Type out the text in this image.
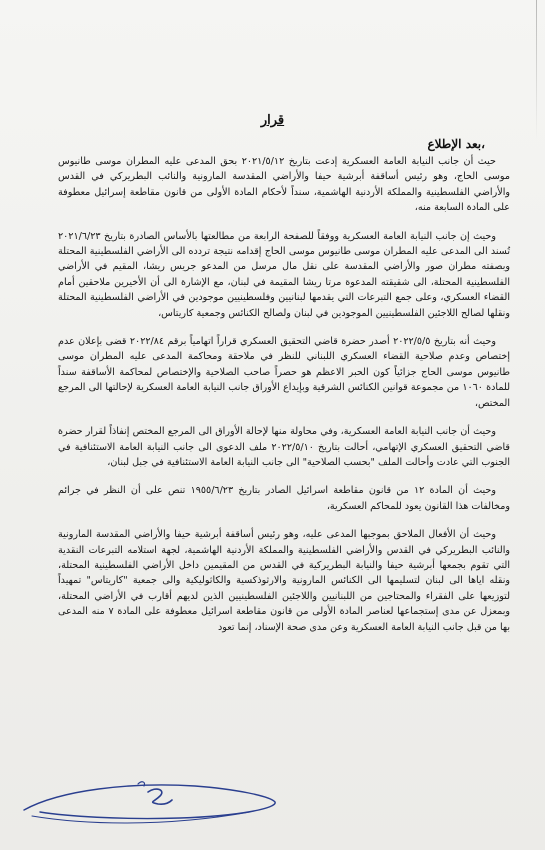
قرار
بعد الإطلاع،

حيث أن جانب النيابة العامة العسكرية إدعت بتاريخ ٢٠٢١/٥/١٢ بحق المدعى عليه المطران موسى طانيوس موسى الحاج، وهو رئيس أساقفة أبرشية حيفا والأراضي المقدسة المارونية والنائب البطريركي في القدس والأراضي الفلسطينية والمملكة الأردنية الهاشمية، سنداً لأحكام المادة الأولى من قانون مقاطعة إسرائيل معطوفة على المادة السابعة منه،

وحيث إن جانب النيابة العامة العسكرية ووفقاً للصفحة الرابعة من مطالعتها بالأساس الصادرة بتاريخ ٢٠٢١/٦/٢٣ تُسند الى المدعى عليه المطران موسى طانيوس موسى الحاج إقدامه نتيجة تردده الى الأراضي الفلسطينية المحتلة وبصفته مطران صور والأراضي المقدسة على نقل مال مرسل من المدعو جريس ريشا، المقيم في الأراضي الفلسطينية المحتلة، الى شقيقته المدعوة مرتا ريشا المقيمة في لبنان، مع الإشارة الى أن الأخيرين ملاحقين أمام القضاء العسكري، وعلى جمع التبرعات التي يقدمها لبنانيين وفلسطينيين موجودين في الأراضي الفلسطينية المحتلة ونقلها لصالح اللاجئين الفلسطينيين الموجودين في لبنان ولصالح الكنائس وجمعية كاريتاس،

وحيث أنه بتاريخ ٢٠٢٢/٥/٥ أصدر حضرة قاضي التحقيق العسكري قراراً اتهامياً برقم ٢٠٢٢/٨٤ قضى بإعلان عدم إختصاص وعدم صلاحية القضاء العسكري اللبناني للنظر في ملاحقة ومحاكمة المدعى عليه المطران موسى طانيوس موسى الحاج جزائياً كون الحبر الاعظم هو حصراً صاحب الصلاحية والإختصاص لمحاكمة الأساقفة سنداً للمادة ١٠٦٠ من مجموعة قوانين الكنائس الشرقية وبإيداع الأوراق جانب النيابة العامة العسكرية لإحالتها الى المرجع المختص،

وحيث أن جانب النيابة العامة العسكرية، وفي محاولة منها لإحالة الأوراق الى المرجع المختص إنفاذاً لقرار حضرة قاضي التحقيق العسكري الإتهامي، أحالت بتاريخ ٢٠٢٢/٥/١٠ ملف الدعوى الى جانب النيابة العامة الاستئنافية في الجنوب التي عادت وأحالت الملف "بحسب الصلاحية" الى جانب النيابة العامة الاستئنافية في جبل لبنان،

وحيث أن المادة ١٢ من قانون مقاطعة اسرائيل الصادر بتاريخ ١٩٥٥/٦/٢٣ تنص على أن النظر في جرائم ومخالفات هذا القانون يعود للمحاكم العسكرية،

وحيث أن الأفعال الملاحق بموجبها المدعى عليه، وهو رئيس أساقفة أبرشية حيفا والأراضي المقدسة المارونية والنائب البطريركي في القدس والأراضي الفلسطينية والمملكة الأردنية الهاشمية، لجهة استلامه التبرعات النقدية التي تقوم بجمعها أبرشية حيفا والنيابة البطريركية في القدس من المقيمين داخل الأراضي الفلسطينية المحتلة، ونقله اياها الى لبنان لتسليمها الى الكنائس المارونية والارثوذكسية والكاثوليكية والى جمعية "كاريتاس" تمهيداً لتوزيعها على الفقراء والمحتاجين من اللبنانيين واللاجئين الفلسطينيين الذين لديهم أقارب في الأراضي المحتلة، وبمعزل عن مدى إستجماعها لعناصر المادة الأولى من قانون مقاطعة اسرائيل معطوفة على المادة ٧ منه المدعى بها من قبل جانب النيابة العامة العسكرية وعن مدى صحة الإسناد، إنما تعود
